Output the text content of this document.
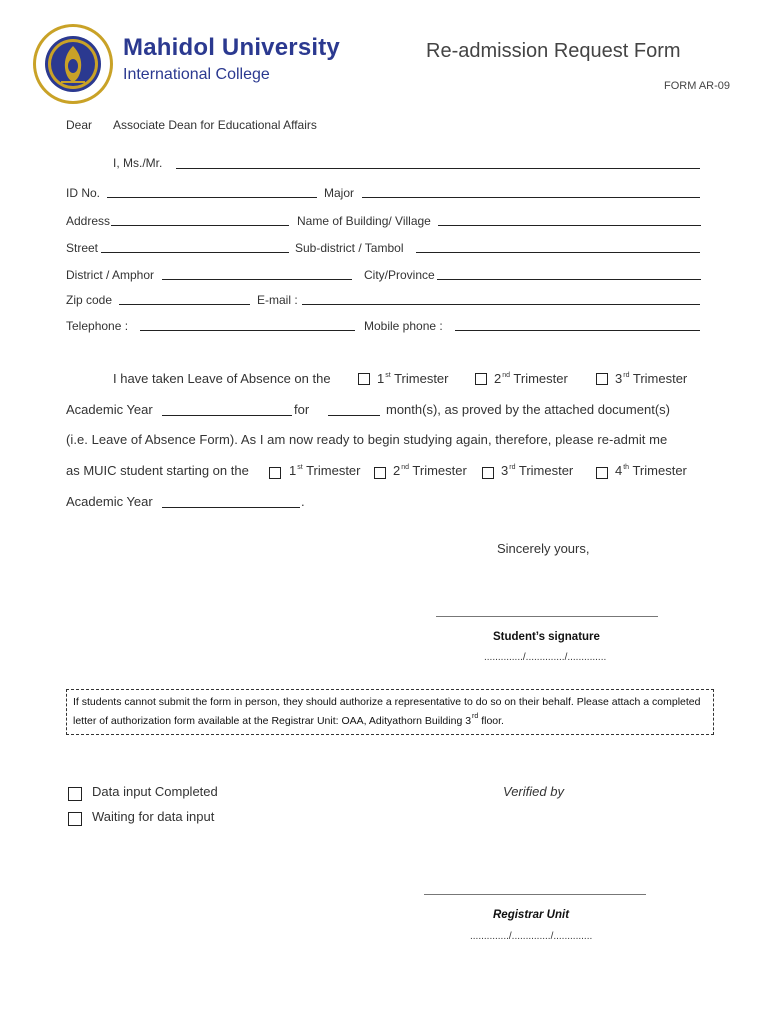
Mahidol University
International College
Re-admission Request Form
FORM AR-09
Dear Associate Dean for Educational Affairs
I, Ms./Mr.
ID No.	Major
Address	Name of Building/ Village
Street	Sub-district / Tambol
District / Amphor	City/Province
Zip code	E-mail :
Telephone :	Mobile phone :
I have taken Leave of Absence on the	1st Trimester	2nd Trimester	3rd Trimester
Academic Year	for	month(s), as proved by the attached document(s)
(i.e. Leave of Absence Form). As I am now ready to begin studying again, therefore, please re-admit me
as MUIC student starting on the	1st Trimester	2nd Trimester	3rd Trimester	4th Trimester
Academic Year	.
Sincerely yours,
Student’s signature
............../............../..............
If students cannot submit the form in person, they should authorize a representative to do so on their behalf. Please attach a completed letter of authorization form available at the Registrar Unit: OAA, Adityathorn Building 3rd floor.
Data input Completed
Waiting for data input
Verified by
Registrar Unit
............../............../..............
